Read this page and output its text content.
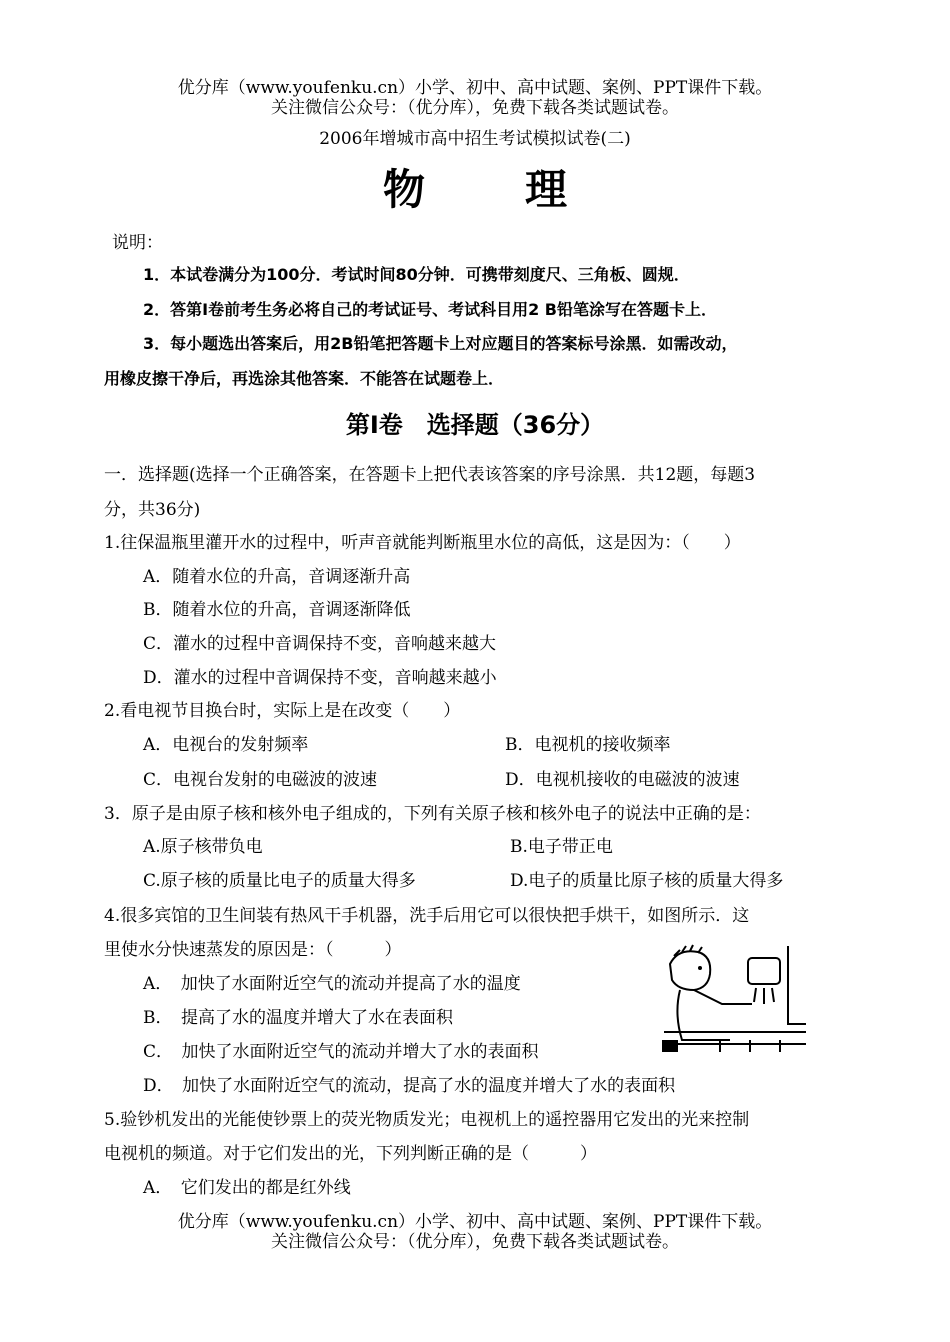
优分库（www.youfenku.cn）小学、初中、高中试题、案例、PPT课件下载。
关注微信公众号：（优分库），免费下载各类试题试卷。
2006年增城市高中招生考试模拟试卷(二)
物 理
说明：
1．本试卷满分为100分．考试时间80分钟．可携带刻度尺、三角板、圆规．
2．答第Ⅰ卷前考生务必将自己的考试证号、考试科目用2 B铅笔涂写在答题卡上．
3．每小题选出答案后，用2B铅笔把答题卡上对应题目的答案标号涂黑．如需改动，
用橡皮擦干净后，再选涂其他答案．不能答在试题卷上．
第Ⅰ卷　选择题（36分）
一．选择题(选择一个正确答案，在答题卡上把代表该答案的序号涂黑．共12题，每题3
分，共36分)
1.往保温瓶里灌开水的过程中，听声音就能判断瓶里水位的高低，这是因为：（　　）
A．随着水位的升高，音调逐渐升高
B．随着水位的升高，音调逐渐降低
C．灌水的过程中音调保持不变，音响越来越大
D．灌水的过程中音调保持不变，音响越来越小
2.看电视节目换台时，实际上是在改变（　　）
A．电视台的发射频率	B．电视机的接收频率
C．电视台发射的电磁波的波速	D．电视机接收的电磁波的波速
3．原子是由原子核和核外电子组成的，下列有关原子核和核外电子的说法中正确的是：
A.原子核带负电	B.电子带正电
C.原子核的质量比电子的质量大得多	D.电子的质量比原子核的质量大得多
4.很多宾馆的卫生间装有热风干手机器，洗手后用它可以很快把手烘干，如图所示．这
里使水分快速蒸发的原因是：（　　　）
A．　加快了水面附近空气的流动并提高了水的温度
B．　提高了水的温度并增大了水在表面积
C．　加快了水面附近空气的流动并增大了水的表面积
D．　加快了水面附近空气的流动，提高了水的温度并增大了水的表面积
5.验钞机发出的光能使钞票上的荧光物质发光；电视机上的遥控器用它发出的光来控制
电视机的频道。对于它们发出的光，下列判断正确的是（　　　）
A．　它们发出的都是红外线
优分库（www.youfenku.cn）小学、初中、高中试题、案例、PPT课件下载。
关注微信公众号：（优分库），免费下载各类试题试卷。
